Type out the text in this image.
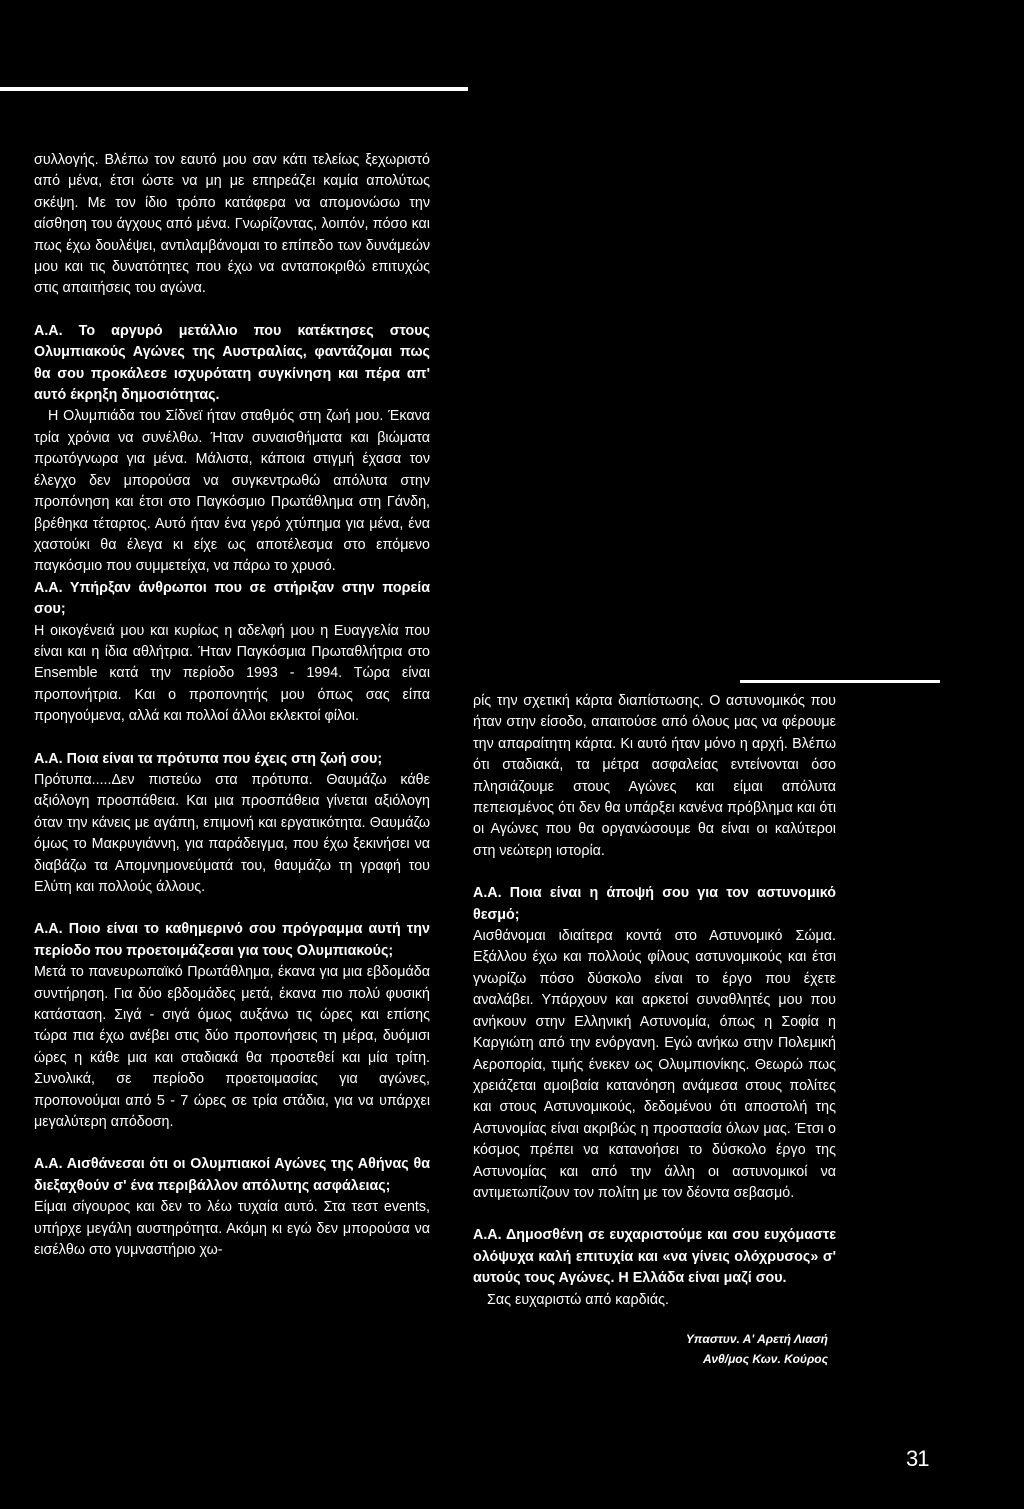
συλλογής. Βλέπω τον εαυτό μου σαν κάτι τελείως ξεχωριστό από μένα, έτσι ώστε να μη με επηρεάζει καμία απολύτως σκέψη. Με τον ίδιο τρόπο κατάφερα να απομονώσω την αίσθηση του άγχους από μένα. Γνωρίζοντας, λοιπόν, πόσο και πως έχω δουλέψει, αντιλαμβάνομαι το επίπεδο των δυνάμεών μου και τις δυνατότητες που έχω να ανταποκριθώ επιτυχώς στις απαιτήσεις του αγώνα.

Α.Α. Το αργυρό μετάλλιο που κατέκτησες στους Ολυμπιακούς Αγώνες της Αυστραλίας, φαντάζομαι πως θα σου προκάλεσε ισχυρότατη συγκίνηση και πέρα απ' αυτό έκρηξη δημοσιότητας.

Η Ολυμπιάδα του Σίδνεϊ ήταν σταθμός στη ζωή μου. Έκανα τρία χρόνια να συνέλθω. Ήταν συναισθήματα και βιώματα πρωτόγνωρα για μένα. Μάλιστα, κάποια στιγμή έχασα τον έλεγχο δεν μπορούσα να συγκεντρωθώ απόλυτα στην προπόνηση και έτσι στο Παγκόσμιο Πρωτάθλημα στη Γάνδη, βρέθηκα τέταρτος. Αυτό ήταν ένα γερό χτύπημα για μένα, ένα χαστούκι θα έλεγα κι είχε ως αποτέλεσμα στο επόμενο παγκόσμιο που συμμετείχα, να πάρω το χρυσό.

Α.Α. Υπήρξαν άνθρωποι που σε στήριξαν στην πορεία σου;

Η οικογένειά μου και κυρίως η αδελφή μου η Ευαγγελία που είναι και η ίδια αθλήτρια. Ήταν Παγκόσμια Πρωταθλήτρια στο Ensemble κατά την περίοδο 1993 - 1994. Τώρα είναι προπονήτρια. Και ο προπονητής μου όπως σας είπα προηγούμενα, αλλά και πολλοί άλλοι εκλεκτοί φίλοι.

Α.Α. Ποια είναι τα πρότυπα που έχεις στη ζωή σου;

Πρότυπα.....Δεν πιστεύω στα πρότυπα. Θαυμάζω κάθε αξιόλογη προσπάθεια. Και μια προσπάθεια γίνεται αξιόλογη όταν την κάνεις με αγάπη, επιμονή και εργατικότητα. Θαυμάζω όμως το Μακρυγιάννη, για παράδειγμα, που έχω ξεκινήσει να διαβάζω τα Απομνημονεύματά του, θαυμάζω τη γραφή του Ελύτη και πολλούς άλλους.

Α.Α. Ποιο είναι το καθημερινό σου πρόγραμμα αυτή την περίοδο που προετοιμάζεσαι για τους Ολυμπιακούς;

Μετά το πανευρωπαϊκό Πρωτάθλημα, έκανα για μια εβδομάδα συντήρηση. Για δύο εβδομάδες μετά, έκανα πιο πολύ φυσική κατάσταση. Σιγά - σιγά όμως αυξάνω τις ώρες και επίσης τώρα πια έχω ανέβει στις δύο προπονήσεις τη μέρα, δυόμισι ώρες η κάθε μια και σταδιακά θα προστεθεί και μία τρίτη. Συνολικά, σε περίοδο προετοιμασίας για αγώνες, προπονούμαι από 5 - 7 ώρες σε τρία στάδια, για να υπάρχει μεγαλύτερη απόδοση.

Α.Α. Αισθάνεσαι ότι οι Ολυμπιακοί Αγώνες της Αθήνας θα διεξαχθούν σ' ένα περιβάλλον απόλυτης ασφάλειας;

Είμαι σίγουρος και δεν το λέω τυχαία αυτό. Στα τεστ events, υπήρχε μεγάλη αυστηρότητα. Ακόμη κι εγώ δεν μπορούσα να εισέλθω στο γυμναστήριο χω-

ρίς την σχετική κάρτα διαπίστωσης. Ο αστυνομικός που ήταν στην είσοδο, απαιτούσε από όλους μας να φέρουμε την απαραίτητη κάρτα. Κι αυτό ήταν μόνο η αρχή. Βλέπω ότι σταδιακά, τα μέτρα ασφαλείας εντείνονται όσο πλησιάζουμε στους Αγώνες και είμαι απόλυτα πεπεισμένος ότι δεν θα υπάρξει κανένα πρόβλημα και ότι οι Αγώνες που θα οργανώσουμε θα είναι οι καλύτεροι στη νεώτερη ιστορία.

Α.Α. Ποια είναι η άποψή σου για τον αστυνομικό θεσμό;

Αισθάνομαι ιδιαίτερα κοντά στο Αστυνομικό Σώμα. Εξάλλου έχω και πολλούς φίλους αστυνομικούς και έτσι γνωρίζω πόσο δύσκολο είναι το έργο που έχετε αναλάβει. Υπάρχουν και αρκετοί συναθλητές μου που ανήκουν στην Ελληνική Αστυνομία, όπως η Σοφία η Καργιώτη από την ενόργανη. Εγώ ανήκω στην Πολεμική Αεροπορία, τιμής ένεκεν ως Ολυμπιονίκης. Θεωρώ πως χρειάζεται αμοιβαία κατανόηση ανάμεσα στους πολίτες και στους Αστυνομικούς, δεδομένου ότι αποστολή της Αστυνομίας είναι ακριβώς η προστασία όλων μας. Έτσι ο κόσμος πρέπει να κατανοήσει το δύσκολο έργο της Αστυνομίας και από την άλλη οι αστυνομικοί να αντιμετωπίζουν τον πολίτη με τον δέοντα σεβασμό.

Α.Α. Δημοσθένη σε ευχαριστούμε και σου ευχόμαστε ολόψυχα καλή επιτυχία και «να γίνεις ολόχρυσος» σ' αυτούς τους Αγώνες. Η Ελλάδα είναι μαζί σου.

Σας ευχαριστώ από καρδιάς.

Υπαστυν. Α' Αρετή Λιασή
Ανθ/μος Κων. Κούρος
31
